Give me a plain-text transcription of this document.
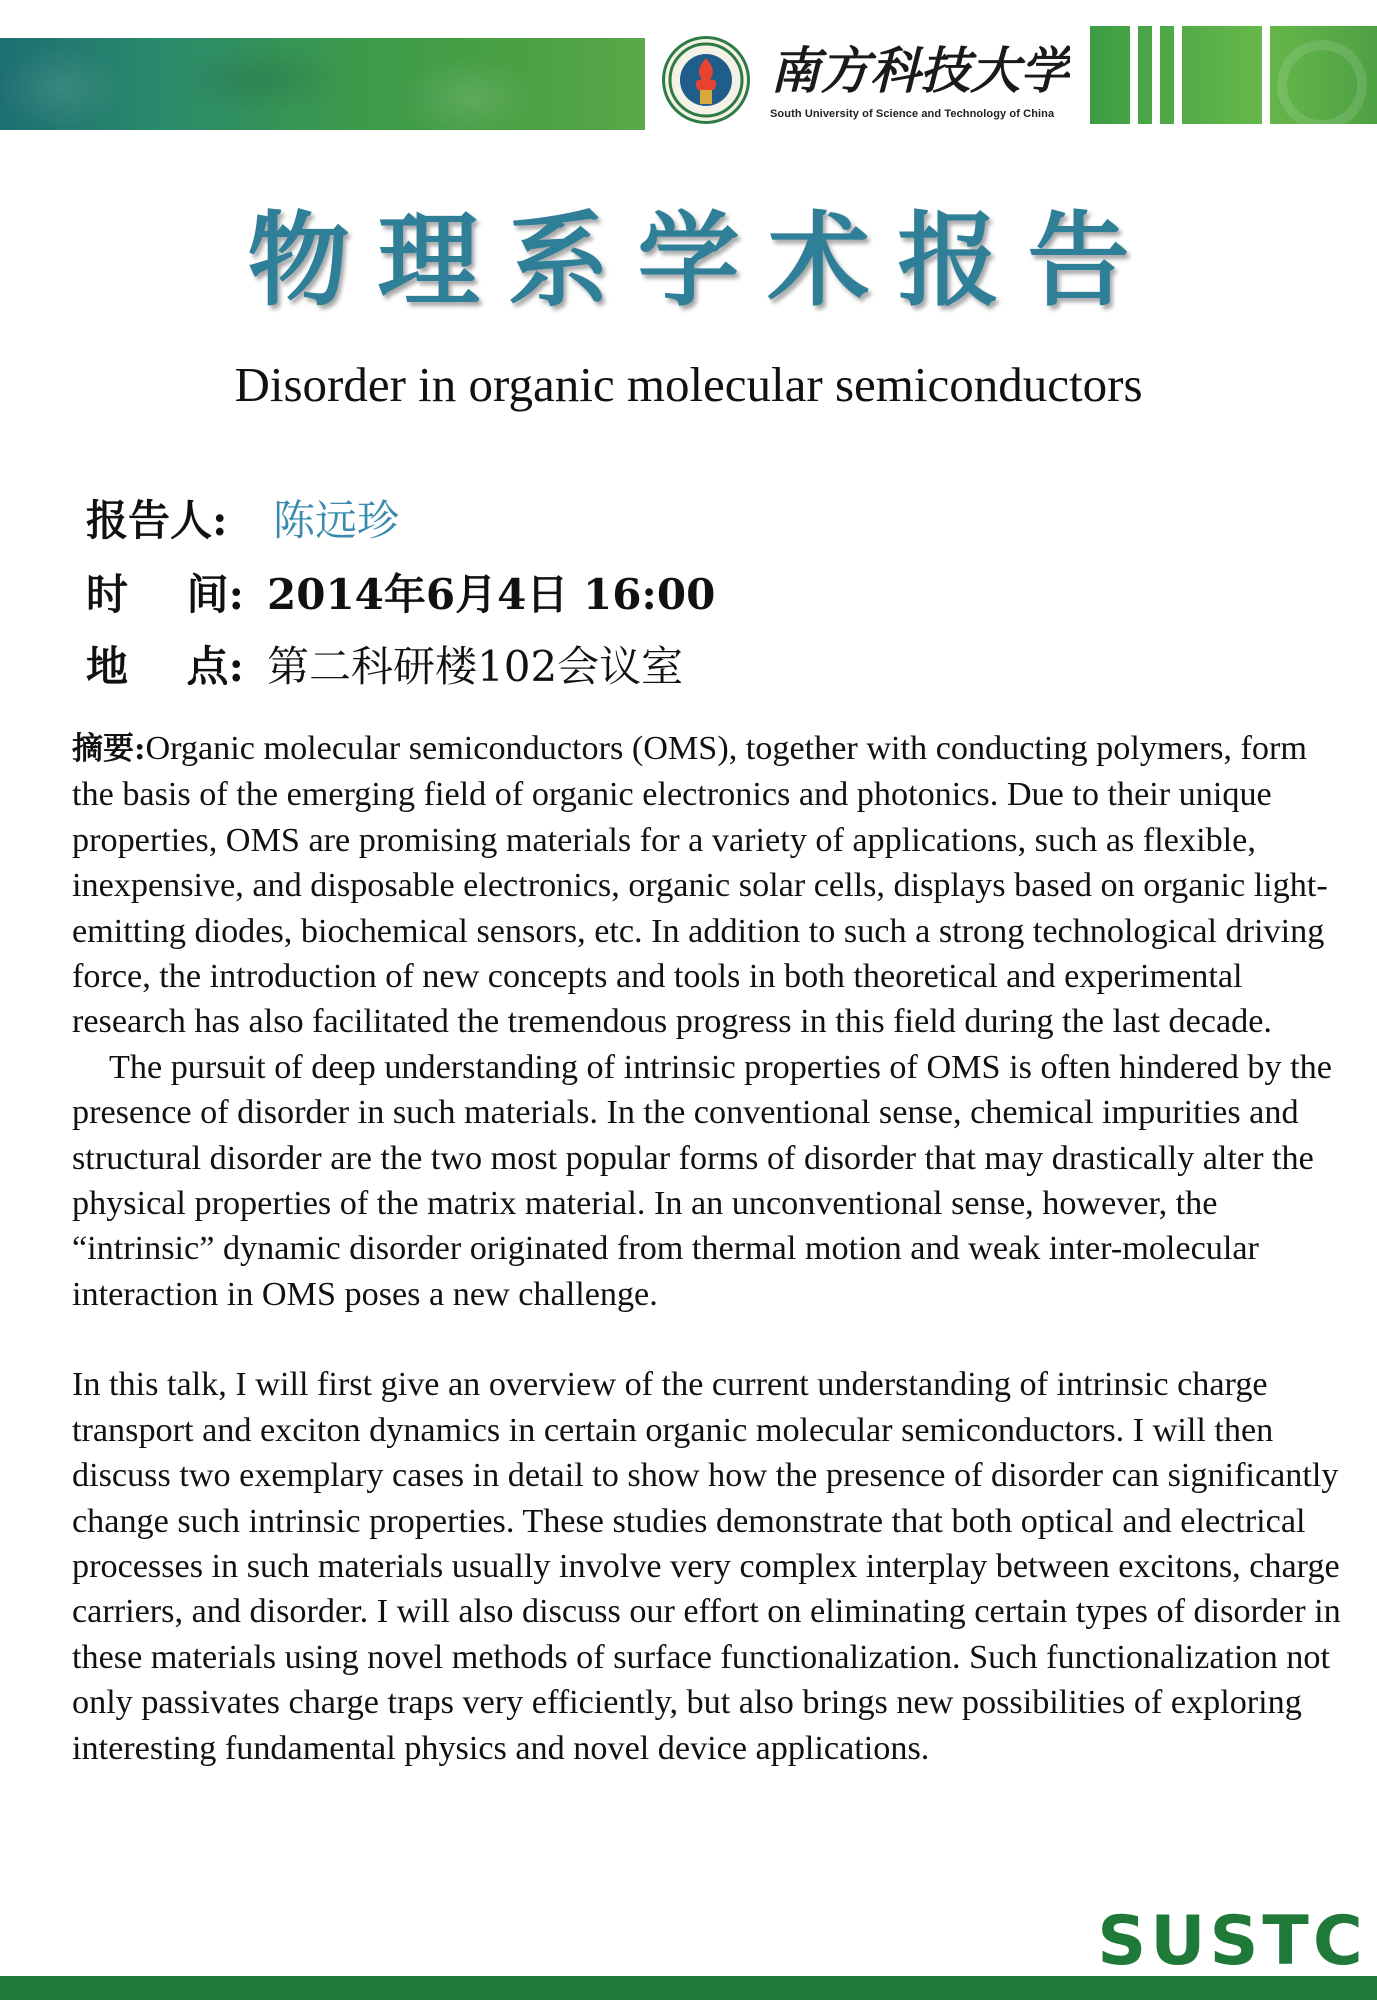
南方科技大学
South University of Science and Technology of China
物理系学术报告
Disorder in organic molecular semiconductors
报告人:	陈远珍
时    间: 2014年6月4日 16:00
地    点: 第二科研楼102会议室

摘要:Organic molecular semiconductors (OMS), together with conducting polymers, form the basis of the emerging field of organic electronics and photonics. Due to their unique properties, OMS are promising materials for a variety of applications, such as flexible, inexpensive, and disposable electronics, organic solar cells, displays based on organic light-emitting diodes, biochemical sensors, etc. In addition to such a strong technological driving force, the introduction of new concepts and tools in both theoretical and experimental research has also facilitated the tremendous progress in this field during the last decade.

The pursuit of deep understanding of intrinsic properties of OMS is often hindered by the presence of disorder in such materials. In the conventional sense, chemical impurities and structural disorder are the two most popular forms of disorder that may drastically alter the physical properties of the matrix material. In an unconventional sense, however, the “intrinsic” dynamic disorder originated from thermal motion and weak inter-molecular interaction in OMS poses a new challenge.

In this talk, I will first give an overview of the current understanding of intrinsic charge transport and exciton dynamics in certain organic molecular semiconductors. I will then discuss two exemplary cases in detail to show how the presence of disorder can significantly change such intrinsic properties. These studies demonstrate that both optical and electrical processes in such materials usually involve very complex interplay between excitons, charge carriers, and disorder. I will also discuss our effort on eliminating certain types of disorder in these materials using novel methods of surface functionalization. Such functionalization not only passivates charge traps very efficiently, but also brings new possibilities of exploring interesting fundamental physics and novel device applications.

SUSTC
